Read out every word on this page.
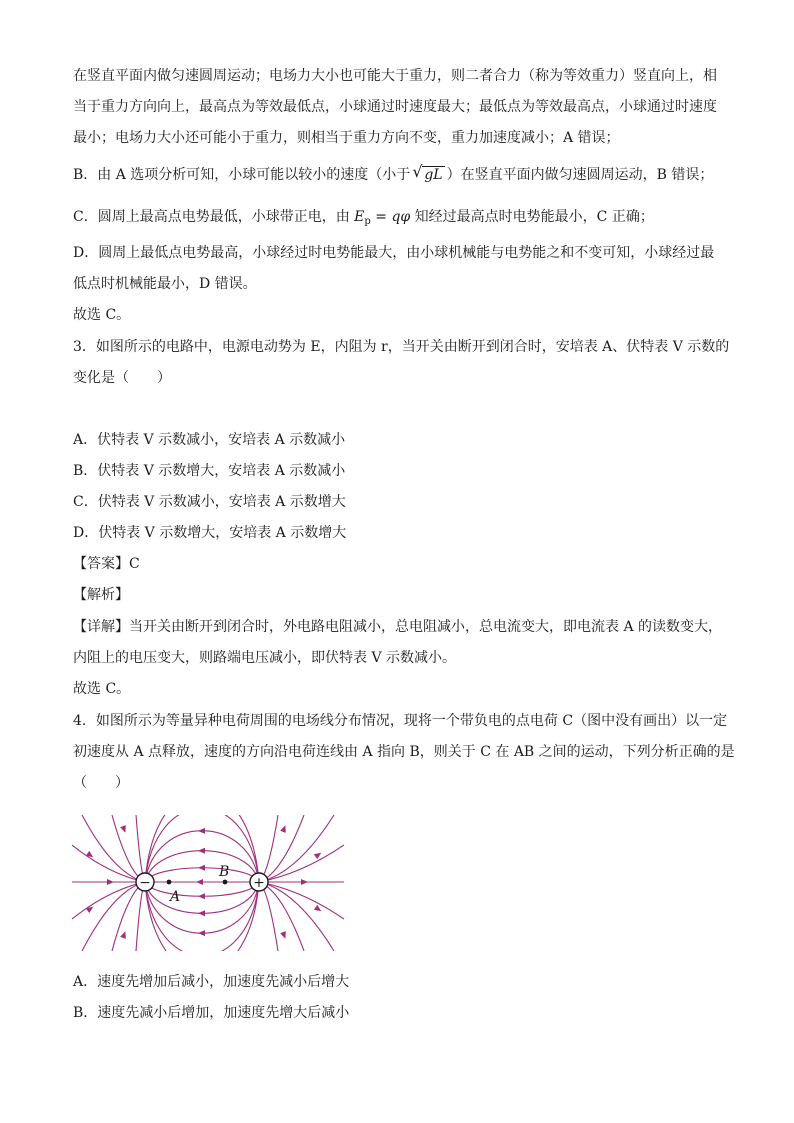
在竖直平面内做匀速圆周运动；电场力大小也可能大于重力，则二者合力（称为等效重力）竖直向上，相
当于重力方向向上，最高点为等效最低点，小球通过时速度最大；最低点为等效最高点，小球通过时速度
最小；电场力大小还可能小于重力，则相当于重力方向不变，重力加速度减小；A 错误；
B．由 A 选项分析可知，小球可能以较小的速度（小于 √ gL ）在竖直平面内做匀速圆周运动，B 错误；
C．圆周上最高点电势最低，小球带正电，由 $E_p = q\varphi$ 知经过最高点时电势能最小，C 正确；
D．圆周上最低点电势最高，小球经过时电势能最大，由小球机械能与电势能之和不变可知，小球经过最
低点时机械能最小，D 错误。
故选 C。
3．如图所示的电路中，电源电动势为 E，内阻为 r，当开关由断开到闭合时，安培表 A、伏特表 V 示数的
变化是（　　）
A．伏特表 V 示数减小，安培表 A 示数减小
B．伏特表 V 示数增大，安培表 A 示数减小
C．伏特表 V 示数减小，安培表 A 示数增大
D．伏特表 V 示数增大，安培表 A 示数增大
【答案】C
【解析】
【详解】当开关由断开到闭合时，外电路电阻减小，总电阻减小，总电流变大，即电流表 A 的读数变大，
内阻上的电压变大，则路端电压减小，即伏特表 V 示数减小。
故选 C。
4．如图所示为等量异种电荷周围的电场线分布情况，现将一个带负电的点电荷 C（图中没有画出）以一定
初速度从 A 点释放，速度的方向沿电荷连线由 A 指向 B，则关于 C 在 AB 之间的运动，下列分析正确的是
（　　）
A
B
−	+
A．速度先增加后减小，加速度先减小后增大
B．速度先减小后增加，加速度先增大后减小
